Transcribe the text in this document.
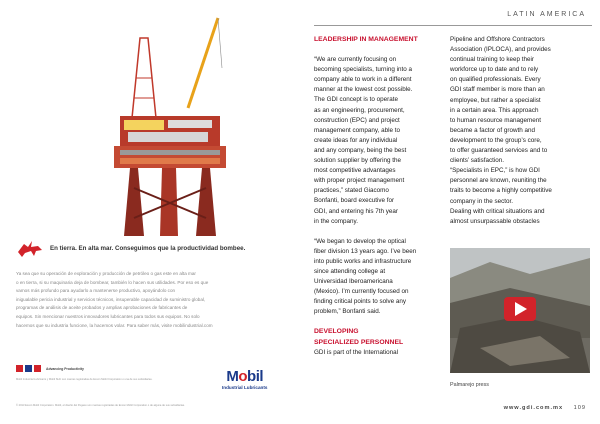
En tierra. En alta mar. Conseguimos que la productividad bombee.
Ya sea que su operación de exploración y producción de petróleo o gas este en alta mar
o en tierra, si su maquinaria deja de bombear, también lo hacen sus utilidades. Por eso es que
vamos más profundo para ayudarlo a mantenerse productivo, apoyándolo con
inigualable pericia industrial y servicios técnicos, insuperable capacidad de suministro global,
programas de análisis de aceite probados y amplias aprobaciones de fabricantes de
equipos. Sin mencionar nuestros innovadores lubricantes para todos sus equipos. No solo
hacemos que su industria funcione, la hacemos volar. Para saber más, visite mobilindustrial.com
Advancing Productivity
Mobil Industrial Lubricants y Mobil SHC son marcas registradas de Exxon Mobil Corporation o una de sus subsidiarias.
© 2013 Exxon Mobil Corporation. Mobil, el diseño del Pegaso son marcas registradas de Exxon Mobil Corporation o de alguna de sus subsidiarias.
Mobil
Industrial Lubricants
LATIN AMERICA
LEADERSHIP IN MANAGEMENT
“We are currently focusing on
becoming specialists, turning into a
company able to work in a different
manner at the lowest cost possible.
The GDI concept is to operate
as an engineering, procurement,
construction (EPC) and project
management company, able to
create ideas for any individual
and any company, being the best
solution supplier by offering the
most competitive advantages
with proper project management
practices,” stated Giacomo
Bonfanti, board executive for
GDI, and entering his 7th year
in the company.
“We began to develop the optical
fiber division 13 years ago. I’ve been
into public works and infrastructure
since attending college at
Universidad Iberoamericana
(Mexico). I’m currently focused on
finding critical points to solve any
problem,” Bonfanti said.
DEVELOPING
SPECIALIZED PERSONNEL
GDI is part of the International
Pipeline and Offshore Contractors
Association (IPLOCA), and provides
continual training to keep their
workforce up to date and to rely
on qualified professionals. Every
GDI staff member is more than an
employee, but rather a specialist
in a certain area. This approach
to human resource management
became a factor of growth and
development to the group’s core,
to offer guaranteed services and to
clients’ satisfaction.
“Specialists in EPC,” is how GDI
personnel are known, reuniting the
traits to become a highly competitive
company in the sector.
Dealing with critical situations and
almost unsurpassable obstacles
Palmarejo press
www.gdi.com.mx 109
